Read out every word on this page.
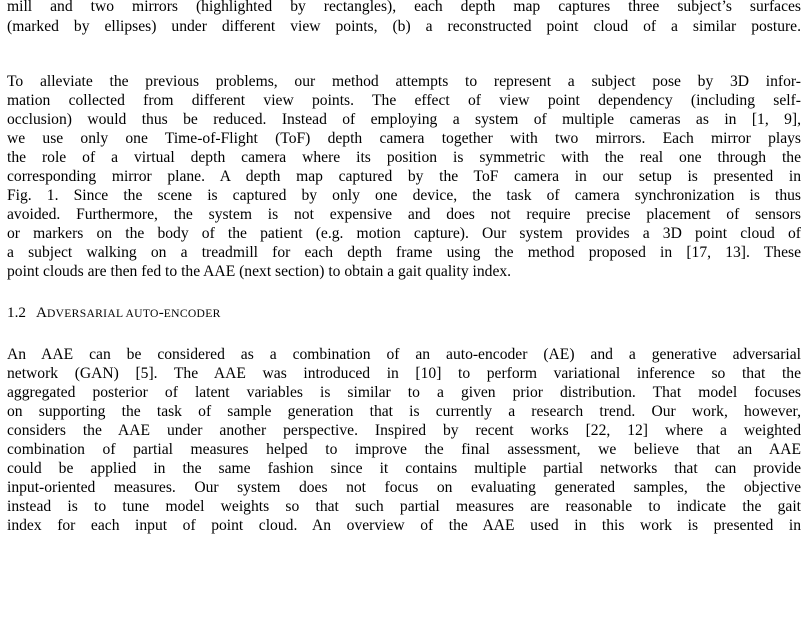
mill and two mirrors (highlighted by rectangles), each depth map captures three subject’s surfaces
(marked by ellipses) under different view points, (b) a reconstructed point cloud of a similar posture.
To alleviate the previous problems, our method attempts to represent a subject pose by 3D infor-
mation collected from different view points. The effect of view point dependency (including self-
occlusion) would thus be reduced. Instead of employing a system of multiple cameras as in [1, 9],
we use only one Time-of-Flight (ToF) depth camera together with two mirrors. Each mirror plays
the role of a virtual depth camera where its position is symmetric with the real one through the
corresponding mirror plane. A depth map captured by the ToF camera in our setup is presented in
Fig. 1. Since the scene is captured by only one device, the task of camera synchronization is thus
avoided. Furthermore, the system is not expensive and does not require precise placement of sensors
or markers on the body of the patient (e.g. motion capture). Our system provides a 3D point cloud of
a subject walking on a treadmill for each depth frame using the method proposed in [17, 13]. These
point clouds are then fed to the AAE (next section) to obtain a gait quality index.
1.2 ADVERSARIAL AUTO-ENCODER
An AAE can be considered as a combination of an auto-encoder (AE) and a generative adversarial
network (GAN) [5]. The AAE was introduced in [10] to perform variational inference so that the
aggregated posterior of latent variables is similar to a given prior distribution. That model focuses
on supporting the task of sample generation that is currently a research trend. Our work, however,
considers the AAE under another perspective. Inspired by recent works [22, 12] where a weighted
combination of partial measures helped to improve the final assessment, we believe that an AAE
could be applied in the same fashion since it contains multiple partial networks that can provide
input-oriented measures. Our system does not focus on evaluating generated samples, the objective
instead is to tune model weights so that such partial measures are reasonable to indicate the gait
index for each input of point cloud. An overview of the AAE used in this work is presented in
